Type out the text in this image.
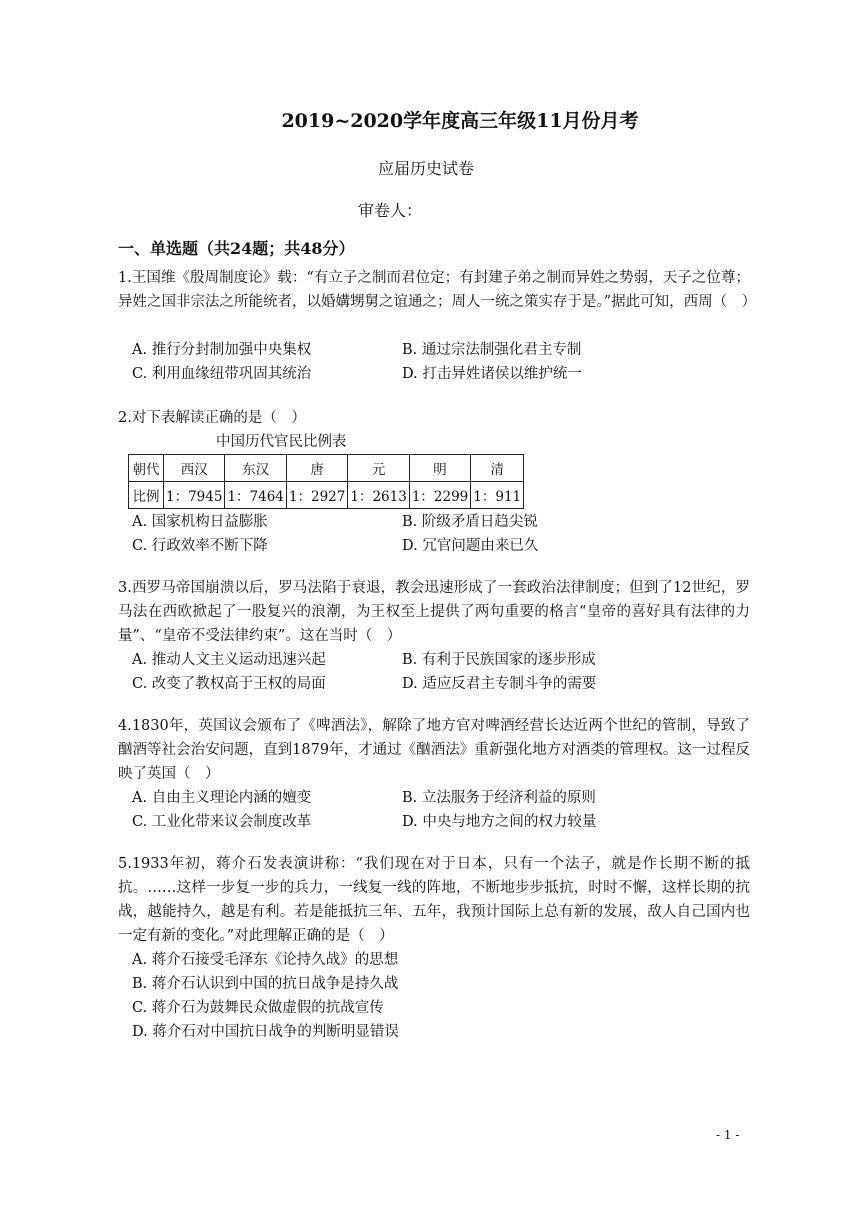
2019~2020学年度高三年级11月份月考
应届历史试卷
审卷人：
一、单选题（共24题；共48分）
1.王国维《殷周制度论》载：“有立子之制而君位定；有封建子弟之制而异姓之势弱，天子之位尊；异姓之国非宗法之所能统者，以婚媾甥舅之谊通之；周人一统之策实存于是。”据此可知，西周（　）
A. 推行分封制加强中央集权	B. 通过宗法制强化君主专制
C. 利用血缘纽带巩固其统治	D. 打击异姓诸侯以维护统一
2.对下表解读正确的是（　）
中国历代官民比例表
朝代	西汉	东汉	唐	元	明	清
比例	1：7945	1：7464	1：2927	1：2613	1：2299	1：911
A. 国家机构日益膨胀	B. 阶级矛盾日趋尖锐
C. 行政效率不断下降	D. 冗官问题由来已久
3.西罗马帝国崩溃以后，罗马法陷于衰退，教会迅速形成了一套政治法律制度；但到了12世纪，罗马法在西欧掀起了一股复兴的浪潮，为王权至上提供了两句重要的格言“皇帝的喜好具有法律的力量”、“皇帝不受法律约束”。这在当时（　）
A. 推动人文主义运动迅速兴起	B. 有利于民族国家的逐步形成
C. 改变了教权高于王权的局面	D. 适应反君主专制斗争的需要
4.1830年，英国议会颁布了《啤酒法》，解除了地方官对啤酒经营长达近两个世纪的管制，导致了酗酒等社会治安问题，直到1879年，才通过《酗酒法》重新强化地方对酒类的管理权。这一过程反映了英国（　）
A. 自由主义理论内涵的嬗变	B. 立法服务于经济利益的原则
C. 工业化带来议会制度改革	D. 中央与地方之间的权力较量
5.1933年初，蒋介石发表演讲称：“我们现在对于日本，只有一个法子，就是作长期不断的抵抗。……这样一步复一步的兵力，一线复一线的阵地，不断地步步抵抗，时时不懈，这样长期的抗战，越能持久，越是有利。若是能抵抗三年、五年，我预计国际上总有新的发展，敌人自己国内也一定有新的变化。”对此理解正确的是（　）
A. 蒋介石接受毛泽东《论持久战》的思想
B. 蒋介石认识到中国的抗日战争是持久战
C. 蒋介石为鼓舞民众做虚假的抗战宣传
D. 蒋介石对中国抗日战争的判断明显错误
- 1 -
